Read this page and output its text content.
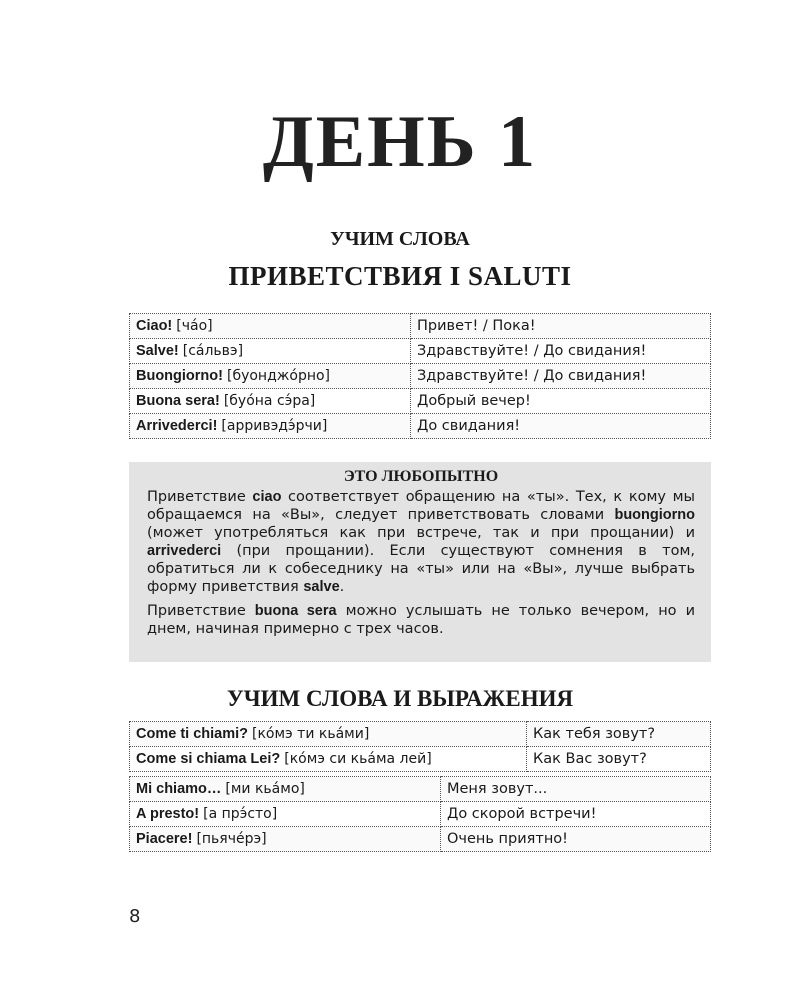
ДЕНЬ 1
УЧИМ СЛОВА
ПРИВЕТСТВИЯ I SALUTI
Ciao! [чáо]	Привет! / Пока!
Salve! [сáльвэ]	Здравствуйте! / До свидания!
Buongiorno! [буонджóрно]	Здравствуйте! / До свидания!
Buona sera! [буóна сэ́ра]	Добрый вечер!
Arrivederci! [арривэдэ́рчи]	До свидания!
ЭТО ЛЮБОПЫТНО

Приветствие ciao соответствует обращению на «ты». Тех, к кому мы обращаемся на «Вы», следует приветствовать словами buongiorno (может употребляться как при встрече, так и при прощании) и arrivederci (при прощании). Если существуют сомнения в том, обратиться ли к собеседнику на «ты» или на «Вы», лучше выбрать форму приветствия salve.

Приветствие buona sera можно услышать не только вечером, но и днем, начиная примерно с трех часов.

УЧИМ СЛОВА И ВЫРАЖЕНИЯ
Come ti chiami? [кóмэ ти кьáми]	Как тебя зовут?
Come si chiama Lei? [кóмэ си кьáма лей]	Как Вас зовут?
Mi chiamo… [ми кьáмо]	Меня зовут...
A presto! [а прэ́сто]	До скорой встречи!
Piacere! [пьячéрэ]	Очень приятно!
8
